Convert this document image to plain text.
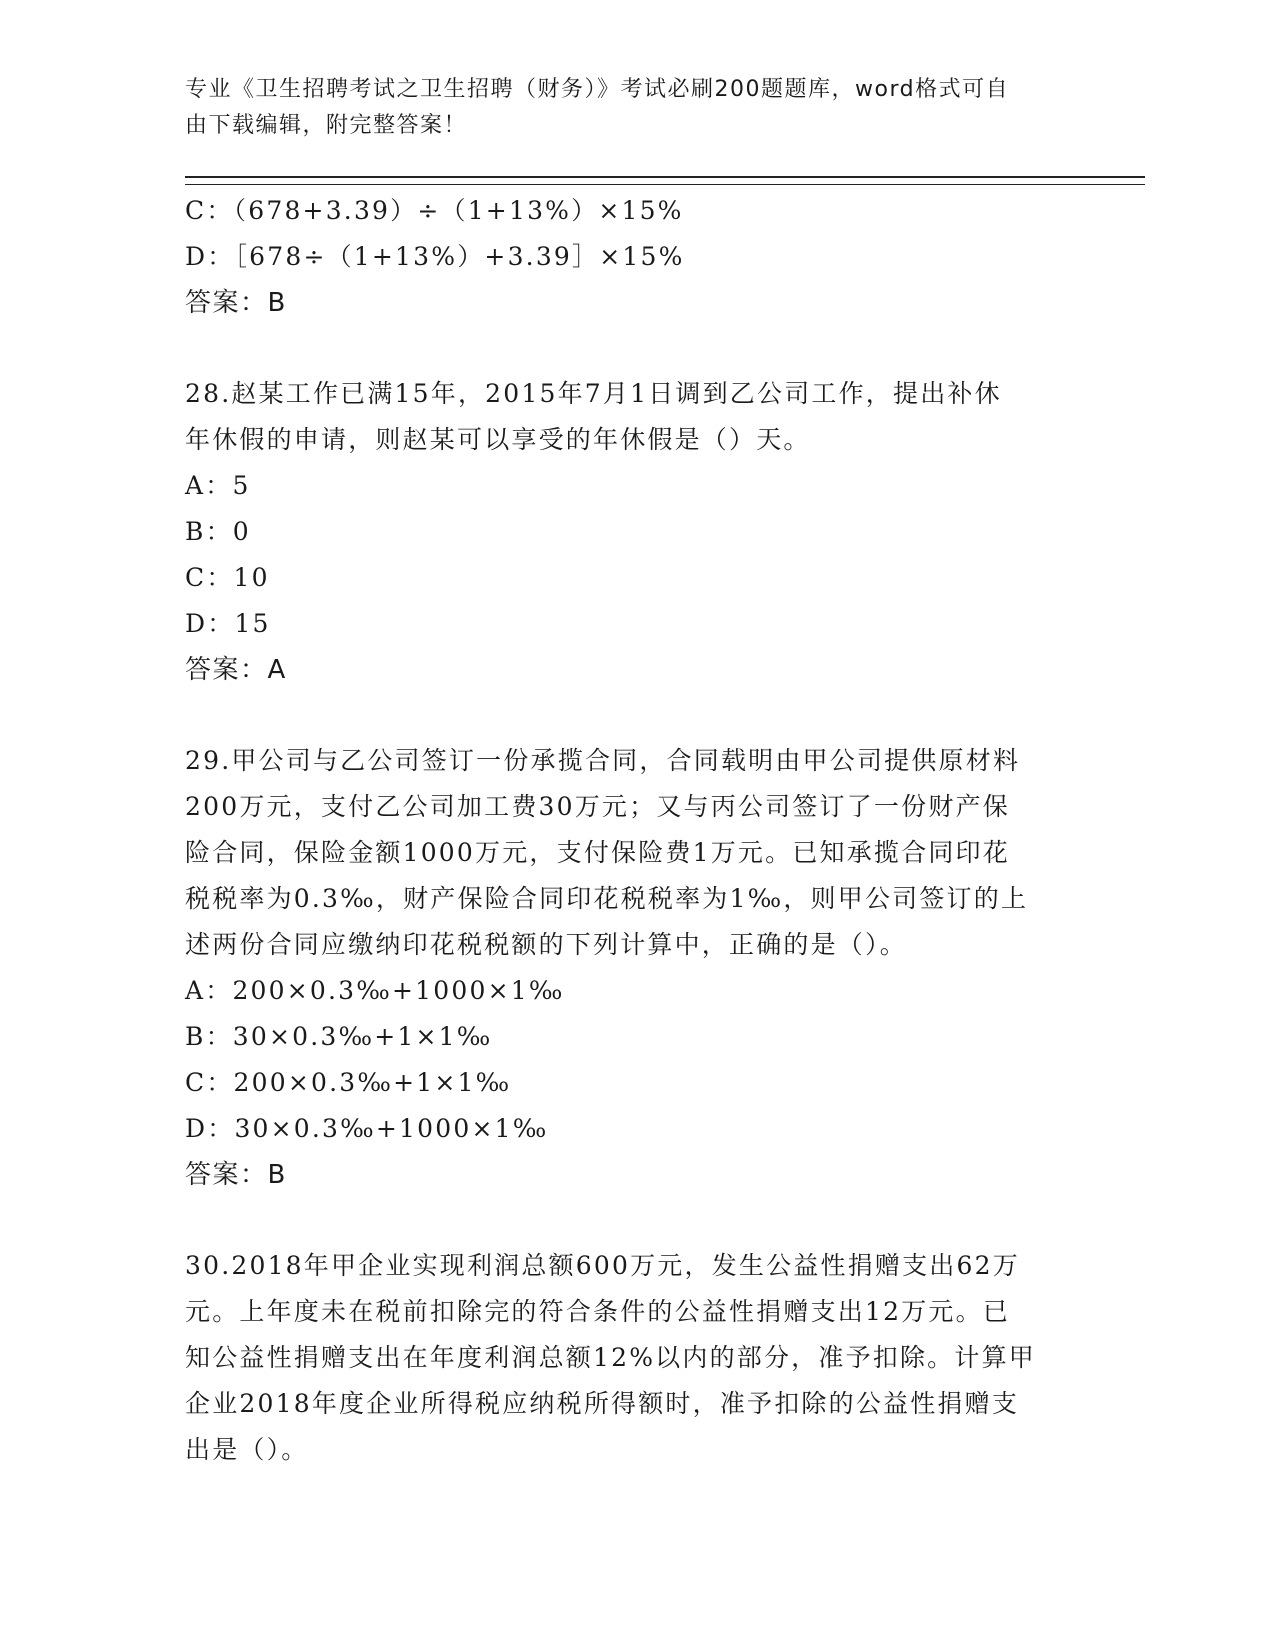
专业《卫生招聘考试之卫生招聘（财务）》考试必刷200题题库，word格式可自
由下载编辑，附完整答案！
C：（678+3.39）÷（1+13%）×15%
D：［678÷（1+13%）+3.39］×15%
答案：B
28.赵某工作已满15年，2015年7月1日调到乙公司工作，提出补休
年休假的申请，则赵某可以享受的年休假是（）天。
A：5
B：0
C：10
D：15
答案：A
29.甲公司与乙公司签订一份承揽合同，合同载明由甲公司提供原材料
200万元，支付乙公司加工费30万元；又与丙公司签订了一份财产保
险合同，保险金额1000万元，支付保险费1万元。已知承揽合同印花
税税率为0.3‰，财产保险合同印花税税率为1‰，则甲公司签订的上
述两份合同应缴纳印花税税额的下列计算中，正确的是（）。
A：200×0.3‰+1000×1‰
B：30×0.3‰+1×1‰
C：200×0.3‰+1×1‰
D：30×0.3‰+1000×1‰
答案：B
30.2018年甲企业实现利润总额600万元，发生公益性捐赠支出62万
元。上年度未在税前扣除完的符合条件的公益性捐赠支出12万元。已
知公益性捐赠支出在年度利润总额12%以内的部分，准予扣除。计算甲
企业2018年度企业所得税应纳税所得额时，准予扣除的公益性捐赠支
出是（）。
